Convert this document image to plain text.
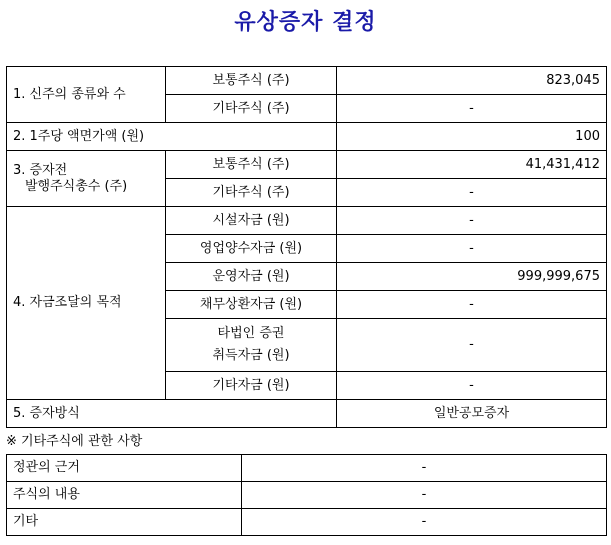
유상증자 결정
1. 신주의 종류와 수	보통주식 (주)	823,045
	기타주식 (주)	-
2. 1주당 액면가액 (원)		100

3. 증자전
발행주식총수 (주)	보통주식 (주)	41,431,412
	기타주식 (주)	-
4. 자금조달의 목적	시설자금 (원)	-
	영업양수자금 (원)	-
	운영자금 (원)	999,999,675
	채무상환자금 (원)	-

	타법인 증권
취득자금 (원)	-
	기타자금 (원)	-
5. 증자방식		일반공모증자
※ 기타주식에 관한 사항
정관의 근거	-
주식의 내용	-
기타	-
